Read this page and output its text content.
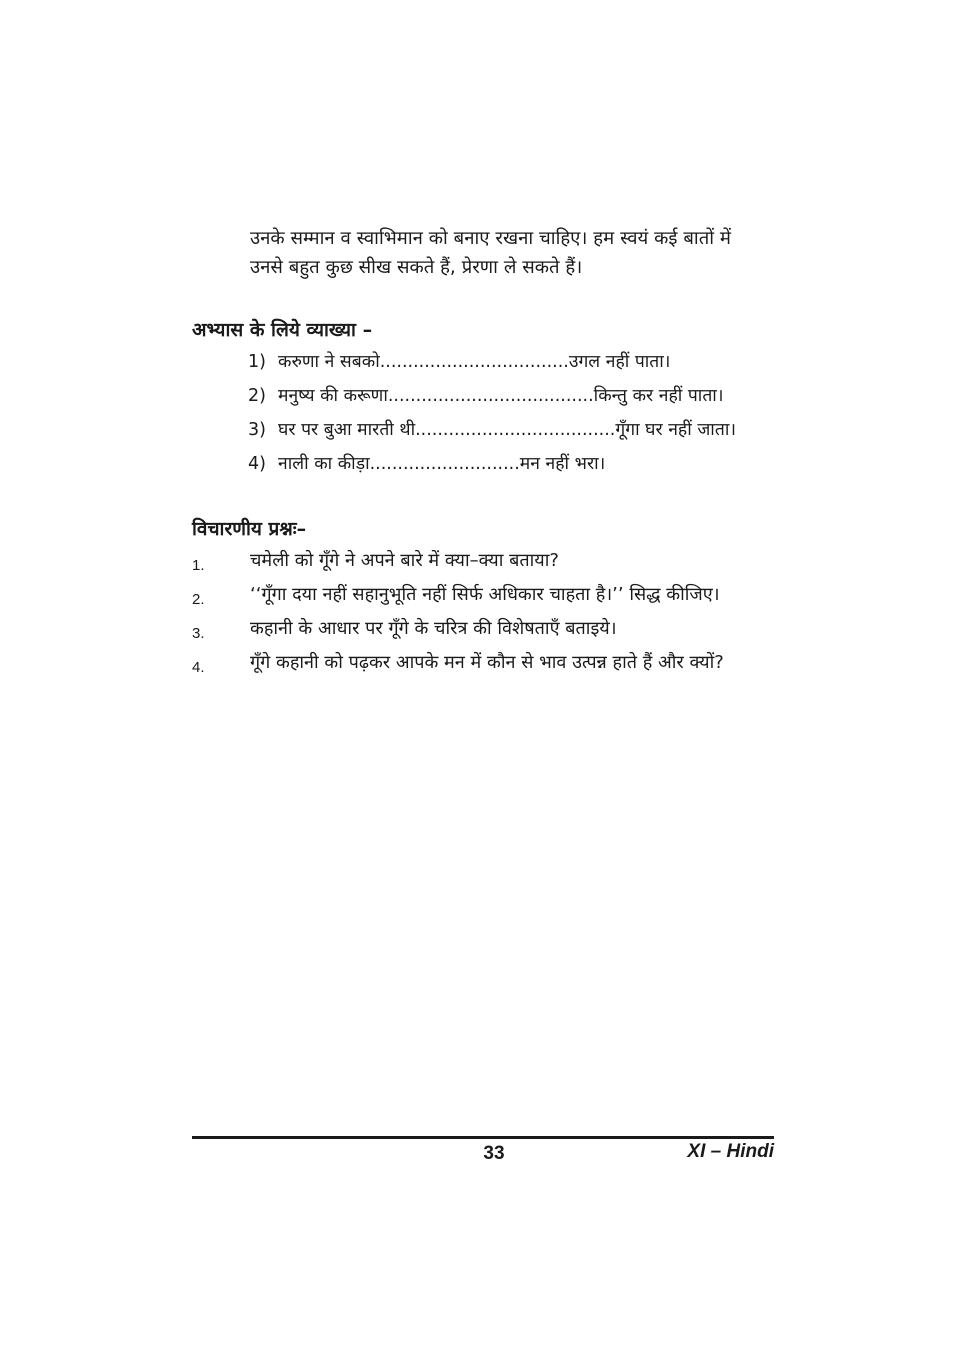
उनके सम्मान व स्वाभिमान को बनाए रखना चाहिए। हम स्वयं कई बातों में

उनसे बहुत कुछ सीख सकते हैं, प्रेरणा ले सकते हैं।

अभ्यास के लिये व्याख्या –
1) करुणा ने सबको..................................उगल नहीं पाता।
2) मनुष्य की करूणा.....................................किन्तु कर नहीं पाता।
3) घर पर बुआ मारती थी....................................गूँगा घर नहीं जाता।
4) नाली का कीड़ा...........................मन नहीं भरा।
विचारणीय प्रश्नः–
1.	चमेली को गूँगे ने अपने बारे में क्या–क्या बताया?
2.	‘‘गूँगा दया नहीं सहानुभूति नहीं सिर्फ अधिकार चाहता है।’’ सिद्ध कीजिए।
3.	कहानी के आधार पर गूँगे के चरित्र की विशेषताएँ बताइये।
4.	गूँगे कहानी को पढ़कर आपके मन में कौन से भाव उत्पन्न हाते हैं और क्यों?
33	XI – Hindi
